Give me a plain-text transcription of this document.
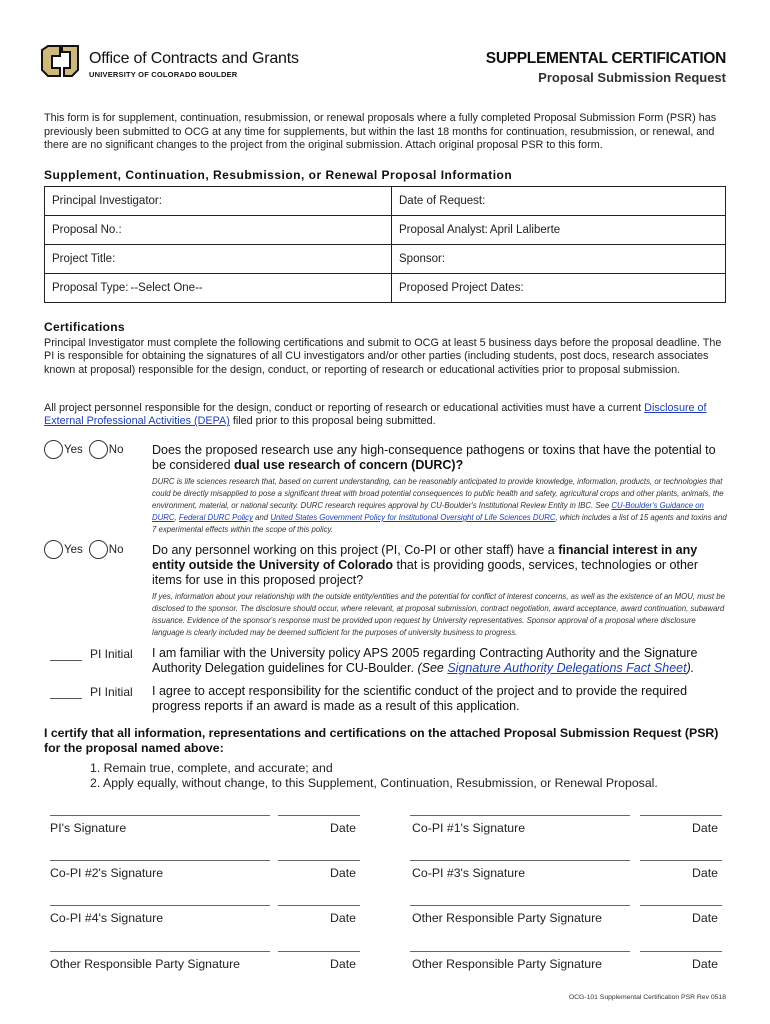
Office of Contracts and Grants
UNIVERSITY OF COLORADO BOULDER
SUPPLEMENTAL CERTIFICATION
Proposal Submission Request
This form is for supplement, continuation, resubmission, or renewal proposals where a fully completed Proposal Submission Form (PSR) has previously been submitted to OCG at any time for supplements, but within the last 18 months for continuation, resubmission, or renewal, and there are no significant changes to the project from the original submission. Attach original proposal PSR to this form.
Supplement, Continuation, Resubmission, or Renewal Proposal Information
Principal Investigator:	Date of Request:
Proposal No.:	Proposal Analyst: April Laliberte
Project Title:	Sponsor:
Proposal Type: --Select One--	Proposed Project Dates:
Certifications
Principal Investigator must complete the following certifications and submit to OCG at least 5 business days before the proposal deadline. The PI is responsible for obtaining the signatures of all CU investigators and/or other parties (including students, post docs, research associates known at proposal) responsible for the design, conduct, or reporting of research or educational activities prior to proposal submission.
All project personnel responsible for the design, conduct or reporting of research or educational activities must have a current Disclosure of External Professional Activities (DEPA) filed prior to this proposal being submitted.
Yes No	Does the proposed research use any high-consequence pathogens or toxins that have the potential to be considered dual use research of concern (DURC)?
DURC is life sciences research that, based on current understanding, can be reasonably anticipated to provide knowledge, information, products, or technologies that could be directly misapplied to pose a significant threat with broad potential consequences to public health and safety, agricultural crops and other plants, animals, the environment, material, or national security. DURC research requires approval by CU-Boulder's Institutional Review Entity in IBC. See CU-Boulder's Guidance on DURC, Federal DURC Policy and United States Government Policy for Institutional Oversight of Life Sciences DURC, which includes a list of 15 agents and toxins and 7 experimental effects within the scope of this policy.
Yes No	Do any personnel working on this project (PI, Co-PI or other staff) have a financial interest in any entity outside the University of Colorado that is providing goods, services, technologies or other items for use in this proposed project?
If yes, information about your relationship with the outside entity/entities and the potential for conflict of interest concerns, as well as the existence of an MOU, must be disclosed to the sponsor. The disclosure should occur, where relevant, at proposal submission, contract negotiation, award acceptance, award continuation, subaward issuance. Evidence of the sponsor's response must be provided upon request by University representatives. Sponsor approval of a proposal where disclosure language is clearly included may be deemed sufficient for the purposes of university business to progress.
PI Initial I am familiar with the University policy APS 2005 regarding Contracting Authority and the Signature Authority Delegation guidelines for CU-Boulder. (See Signature Authority Delegations Fact Sheet).
PI Initial I agree to accept responsibility for the scientific conduct of the project and to provide the required progress reports if an award is made as a result of this application.
I certify that all information, representations and certifications on the attached Proposal Submission Request (PSR) for the proposal named above:
1. Remain true, complete, and accurate; and
2. Apply equally, without change, to this Supplement, Continuation, Resubmission, or Renewal Proposal.
PI's Signature	Date	Co-PI #1's Signature	Date
Co-PI #2's Signature	Date	Co-PI #3's Signature	Date
Co-PI #4's Signature	Date	Other Responsible Party Signature	Date
Other Responsible Party Signature	Date	Other Responsible Party Signature	Date
OCG-101 Supplemental Certification PSR Rev 0518
